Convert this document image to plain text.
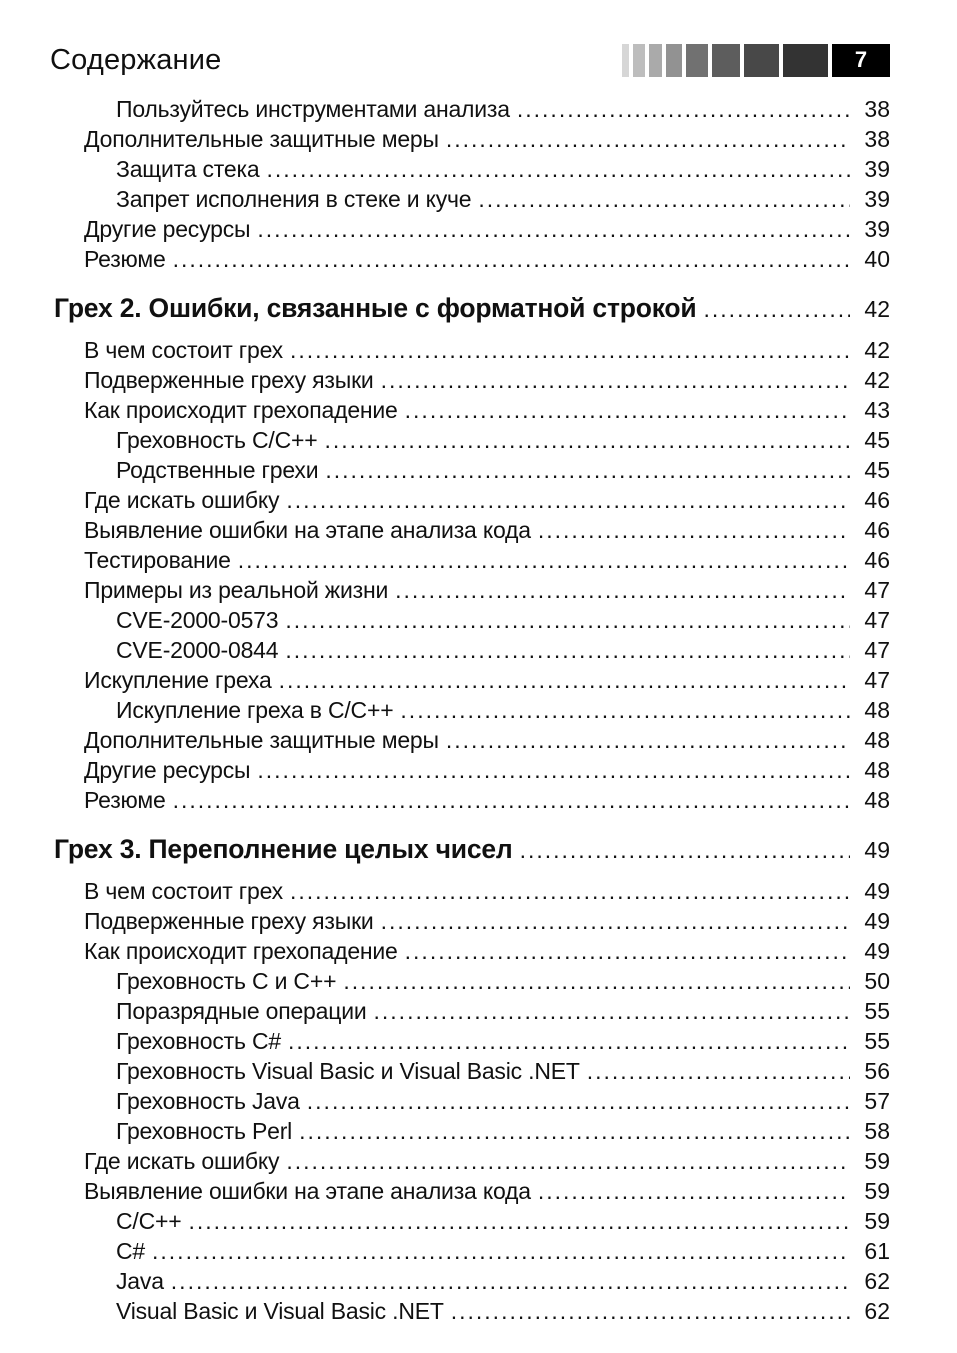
Содержание	7
Пользуйтесь инструментами анализа .....	38
Дополнительные защитные меры .....	38
Защита стека .....	39
Запрет исполнения в стеке и куче .....	39
Другие ресурсы .....	39
Резюме .....	40
Грех 2. Ошибки, связанные с форматной строкой .....	42
В чем состоит грех .....	42
Подверженные греху языки .....	42
Как происходит грехопадение .....	43
Греховность C/C++ .....	45
Родственные грехи .....	45
Где искать ошибку .....	46
Выявление ошибки на этапе анализа кода .....	46
Тестирование .....	46
Примеры из реальной жизни .....	47
CVE-2000-0573 .....	47
CVE-2000-0844 .....	47
Искупление греха .....	47
Искупление греха в C/C++ .....	48
Дополнительные защитные меры .....	48
Другие ресурсы .....	48
Резюме .....	48
Грех 3. Переполнение целых чисел .....	49
В чем состоит грех .....	49
Подверженные греху языки .....	49
Как происходит грехопадение .....	49
Греховность C и C++ .....	50
Поразрядные операции .....	55
Греховность C# .....	55
Греховность Visual Basic и Visual Basic .NET .....	56
Греховность Java .....	57
Греховность Perl .....	58
Где искать ошибку .....	59
Выявление ошибки на этапе анализа кода .....	59
C/C++ .....	59
C# .....	61
Java .....	62
Visual Basic и Visual Basic .NET .....	62
